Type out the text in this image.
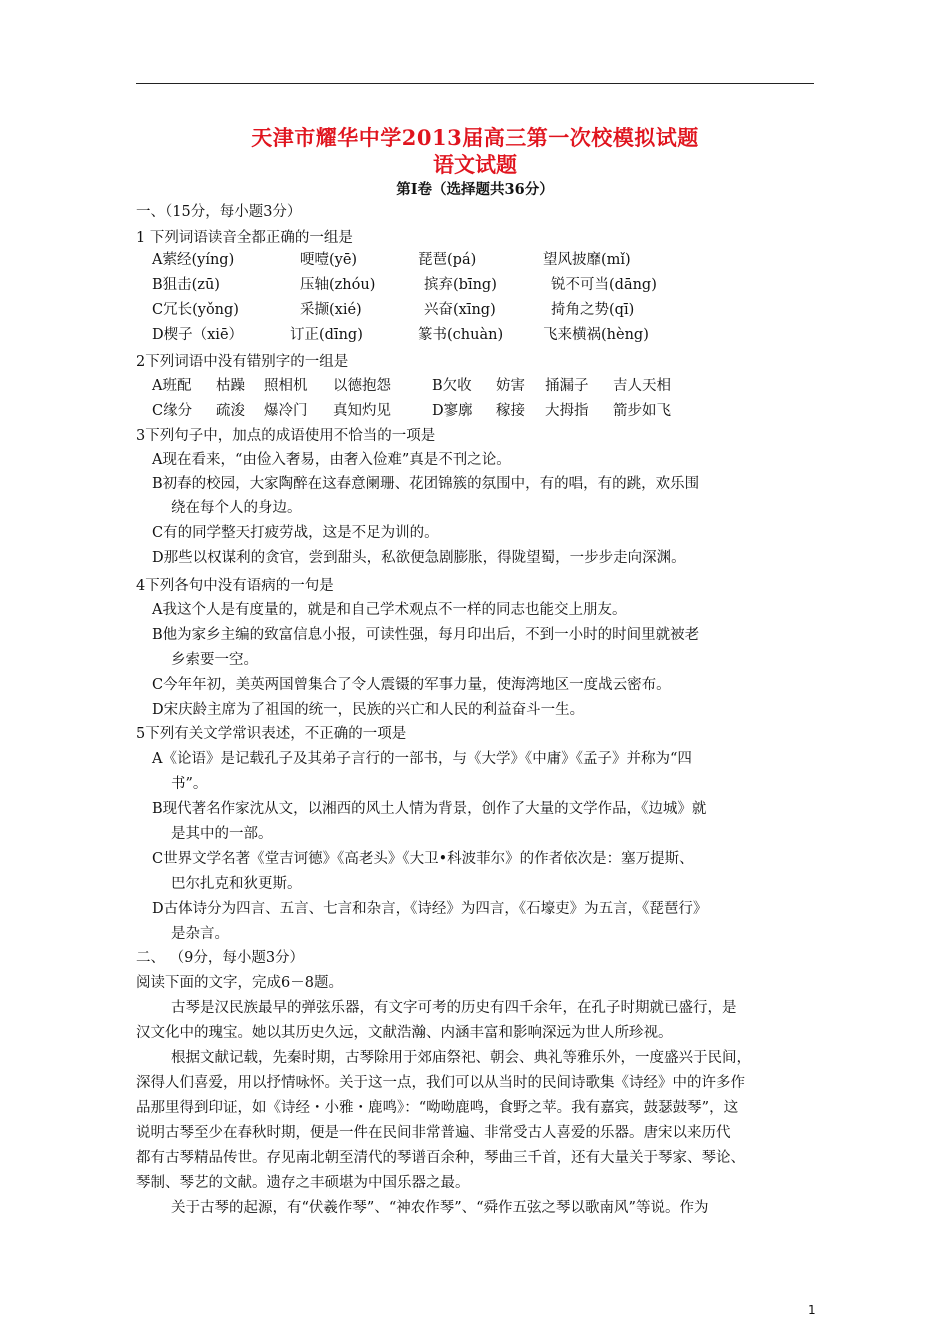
天津市耀华中学2013届高三第一次校模拟试题
语文试题
第Ⅰ卷（选择题共36分）
一、（15分，每小题3分）
1 下列词语读音全都正确的一组是
A萦经(yíng)	哽噎(yē)	琵琶(pá)	望风披靡(mǐ)
B狙击(zū)	压轴(zhóu)	摈弃(bīng)	锐不可当(dāng)
C冗长(yǒng)	采撷(xié)	兴奋(xīng)	掎角之势(qī)
D楔子（xiē）	订正(dīng)	篆书(chuàn)	飞来横祸(hèng)
2下列词语中没有错别字的一组是
A班配 枯躁 照相机 以德抱怨	B欠收 妨害 捅漏子 吉人天相
C缘分 疏浚 爆冷门 真知灼见	D寥廓 稼接 大拇指 箭步如飞
3下列句子中，加点的成语使用不恰当的一项是
A现在看来，“由俭入奢易，由奢入俭难”真是不刊之论。
B初春的校园，大家陶醉在这春意阑珊、花团锦簇的氛围中，有的唱，有的跳，欢乐围
绕在每个人的身边。
C有的同学整天打疲劳战，这是不足为训的。
D那些以权谋利的贪官，尝到甜头，私欲便急剧膨胀，得陇望蜀，一步步走向深渊。
4下列各句中没有语病的一句是
A我这个人是有度量的，就是和自己学术观点不一样的同志也能交上朋友。
B他为家乡主编的致富信息小报，可读性强，每月印出后，不到一小时的时间里就被老
乡索要一空。
C今年年初，美英两国曾集合了令人震镊的军事力量，使海湾地区一度战云密布。
D宋庆龄主席为了祖国的统一，民族的兴亡和人民的利益奋斗一生。
5下列有关文学常识表述，不正确的一项是
A《论语》是记载孔子及其弟子言行的一部书，与《大学》《中庸》《孟子》并称为“四
书”。
B现代著名作家沈从文，以湘西的风土人情为背景，创作了大量的文学作品，《边城》就
是其中的一部。
C世界文学名著《堂吉诃德》《高老头》《大卫•科波菲尔》的作者依次是：塞万提斯、
巴尔扎克和狄更斯。
D古体诗分为四言、五言、七言和杂言，《诗经》为四言，《石壕吏》为五言，《琵琶行》
是杂言。
二、 （9分，每小题3分）
阅读下面的文字，完成6－8题。
古琴是汉民族最早的弹弦乐器，有文字可考的历史有四千余年，在孔子时期就已盛行，是
汉文化中的瑰宝。她以其历史久远，文献浩瀚、内涵丰富和影响深远为世人所珍视。
根据文献记载，先秦时期，古琴除用于郊庙祭祀、朝会、典礼等雅乐外，一度盛兴于民间，
深得人们喜爱，用以抒情咏怀。关于这一点，我们可以从当时的民间诗歌集《诗经》中的许多作
品那里得到印证，如《诗经・小雅・鹿鸣》：“呦呦鹿鸣，食野之苹。我有嘉宾，鼓瑟鼓琴”，这
说明古琴至少在春秋时期，便是一件在民间非常普遍、非常受古人喜爱的乐器。唐宋以来历代
都有古琴精品传世。存见南北朝至清代的琴谱百余种，琴曲三千首，还有大量关于琴家、琴论、
琴制、琴艺的文献。遗存之丰硕堪为中国乐器之最。
关于古琴的起源，有“伏羲作琴”、“神农作琴”、“舜作五弦之琴以歌南风”等说。作为
1
